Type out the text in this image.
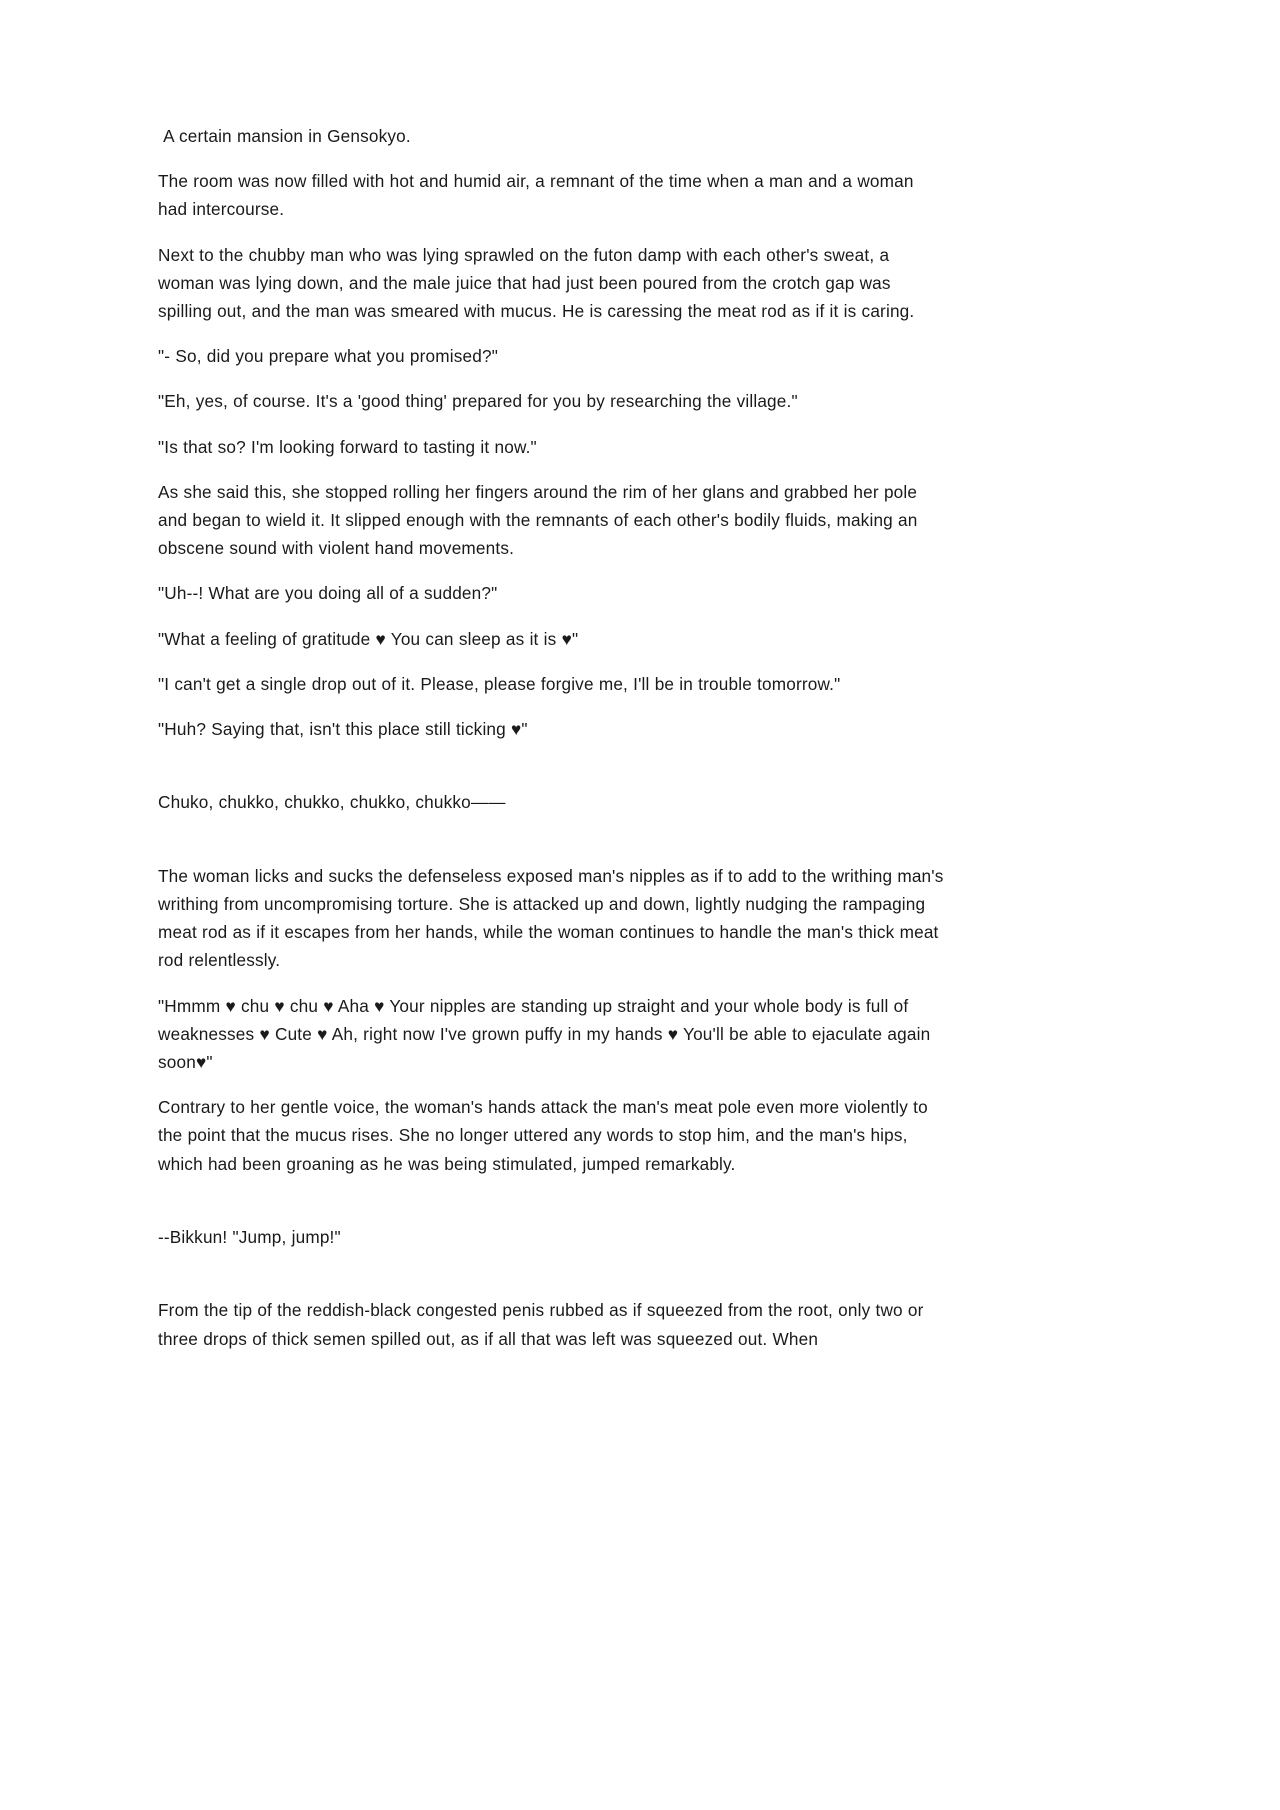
A certain mansion in Gensokyo.

The room was now filled with hot and humid air, a remnant of the time when a man and a woman had intercourse.

Next to the chubby man who was lying sprawled on the futon damp with each other's sweat, a woman was lying down, and the male juice that had just been poured from the crotch gap was spilling out, and the man was smeared with mucus. He is caressing the meat rod as if it is caring.

"- So, did you prepare what you promised?"

"Eh, yes, of course. It's a 'good thing' prepared for you by researching the village."

"Is that so? I'm looking forward to tasting it now."

As she said this, she stopped rolling her fingers around the rim of her glans and grabbed her pole and began to wield it. It slipped enough with the remnants of each other's bodily fluids, making an obscene sound with violent hand movements.

"Uh--! What are you doing all of a sudden?"

"What a feeling of gratitude ♥ You can sleep as it is ♥"

"I can't get a single drop out of it. Please, please forgive me, I'll be in trouble tomorrow."

"Huh? Saying that, isn't this place still ticking ♥"

Chuko, chukko, chukko, chukko, chukko——

The woman licks and sucks the defenseless exposed man's nipples as if to add to the writhing man's writhing from uncompromising torture. She is attacked up and down, lightly nudging the rampaging meat rod as if it escapes from her hands, while the woman continues to handle the man's thick meat rod relentlessly.

"Hmmm ♥ chu ♥ chu ♥ Aha ♥ Your nipples are standing up straight and your whole body is full of weaknesses ♥ Cute ♥ Ah, right now I've grown puffy in my hands ♥ You'll be able to ejaculate again soon♥"

Contrary to her gentle voice, the woman's hands attack the man's meat pole even more violently to the point that the mucus rises. She no longer uttered any words to stop him, and the man's hips, which had been groaning as he was being stimulated, jumped remarkably.

--Bikkun! "Jump, jump!"

From the tip of the reddish-black congested penis rubbed as if squeezed from the root, only two or three drops of thick semen spilled out, as if all that was left was squeezed out. When
